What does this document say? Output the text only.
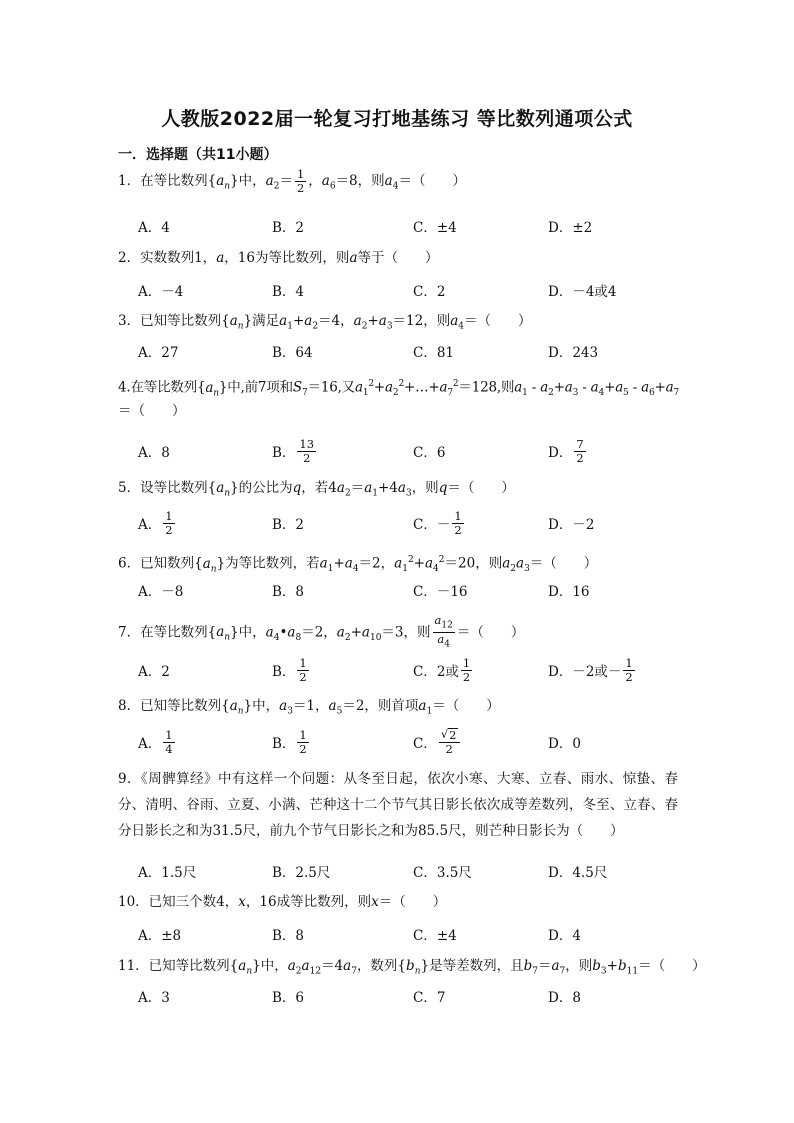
人教版2022届一轮复习打地基练习 等比数列通项公式
一．选择题（共11小题）
1．在等比数列$\{a_n\}$中，$a_2= \frac{1}{2}$ ，$a_6=8$，则$a_4=$（　　）
A．4	B．2	C．±4	D．±2
2．实数数列1，a，16为等比数列，则a等于（　　）
A．－4	B．4	C．2	D．－4或4
3．已知等比数列$\{a_n\}$满足$a_1+a_2=4$，$a_2+a_3=12$，则$a_4=$（　　）
A．27	B．64	C．81	D．243
4.在等比数列$\{a_n\}$中,前7项和$S_7=16$,又$a_1^2+a_2^2+\dots+a_7^2=128$,则$a_1 - a_2+a_3 - a_4+a_5 - a_6+a_7$
＝（　　）
A．8	B． $\frac{13}{2}$	C．6	D． $\frac{7}{2}$
5．设等比数列$\{a_n\}$的公比为q，若$4a_2=a_1+4a_3$，则q＝（　　）
A． $\frac{1}{2}$	B．2	C．－ $\frac{1}{2}$	D．－2
6．已知数列$\{a_n\}$为等比数列，若$a_1+a_4=2$，$a_1^2+a_4^2=20$，则$a_2a_3=$（　　）
A．－8	B．8	C．－16	D．16
7．在等比数列$\{a_n\}$中，$a_4•a_8=2$，$a_2+a_{10}=3$，则 $\frac{a_{12}}{a_4}$ ＝（　　）
A．2	B． $\frac{1}{2}$	C．2或 $\frac{1}{2}$	D．－2或－ $\frac{1}{2}$
8．已知等比数列$\{a_n\}$中，$a_3=1$，$a_5=2$，则首项$a_1=$（　　）
A． $\frac{1}{4}$	B． $\frac{1}{2}$	C． $\frac{√ 2}{2}$	D．0
9．《周髀算经》中有这样一个问题：从冬至日起，依次小寒、大寒、立春、雨水、惊蛰、春分、清明、谷雨、立夏、小满、芒种这十二个节气其日影长依次成等差数列，冬至、立春、春分日影长之和为31.5尺，前九个节气日影长之和为85.5尺，则芒种日影长为（　　）
A．1.5尺	B．2.5尺	C．3.5尺	D．4.5尺
10．已知三个数4，x，16成等比数列，则x＝（　　）
A．±8	B．8	C．±4	D．4
11．已知等比数列$\{a_n\}$中，$a_2a_{12}=4a_7$，数列$\{b_n\}$是等差数列，且$b_7=a_7$，则$b_3+b_{11}=$（　　）
A．3	B．6	C．7	D．8
